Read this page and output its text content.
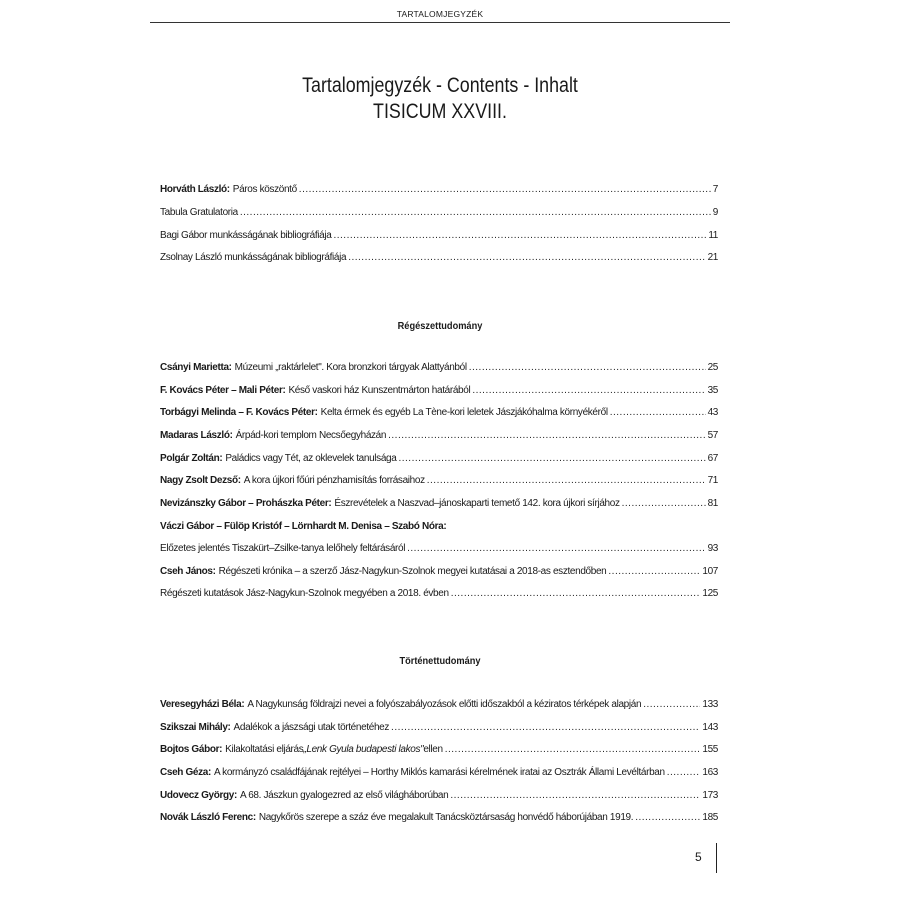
TARTALOMJEGYZÉK
Tartalomjegyzék - Contents - Inhalt
TISICUM XXVIII.
Régészettudomány
Történettudomány
Horváth László: Páros köszöntő .....	7
Tabula Gratulatoria .....	9
Bagi Gábor munkásságának bibliográfiája .....	11
Zsolnay László munkásságának bibliográfiája .....	21
Csányi Marietta: Múzeumi „raktárlelet". Kora bronzkori tárgyak Alattyánból .....	25
F. Kovács Péter – Mali Péter: Késő vaskori ház Kunszentmárton határából .....	35
Torbágyi Melinda – F. Kovács Péter: Kelta érmek és egyéb La Tène-kori leletek Jászjákóhalma környékéről .....	43
Madaras László: Árpád-kori templom Necsőegyházán .....	57
Polgár Zoltán: Paládics vagy Tét, az oklevelek tanulsága .....	67
Nagy Zsolt Dezső: A kora újkori főúri pénzhamisítás forrásaihoz .....	71
Nevizánszky Gábor – Prohászka Péter: Észrevételek a Naszvad–jánoskaparti temető 142. kora újkori sírjához .....	81
Váczi Gábor – Fülöp Kristóf – Lörnhardt M. Denisa – Szabó Nóra:
Előzetes jelentés Tiszakürt–Zsilke-tanya lelőhely feltárásáról .....	93
Cseh János: Régészeti krónika – a szerző Jász-Nagykun-Szolnok megyei kutatásai a 2018-as esztendőben .....	107
Régészeti kutatások Jász-Nagykun-Szolnok megyében a 2018. évben .....	125
Veresegyházi Béla: A Nagykunság földrajzi nevei a folyószabályozások előtti időszakból a kéziratos térképek alapján .....	133
Szikszai Mihály: Adalékok a jászsági utak történetéhez .....	143
Bojtos Gábor: Kilakoltatási eljárás „Lenk Gyula budapesti lakos" ellen .....	155
Cseh Géza: A kormányzó családfájának rejtélyei – Horthy Miklós kamarási kérelmének iratai az Osztrák Állami Levéltárban .....	163
Udovecz György: A 68. Jászkun gyalogezred az első világháborúban .....	173
Novák László Ferenc: Nagykőrös szerepe a száz éve megalakult Tanácsköztársaság honvédő háborújában 1919. .....	185
5
